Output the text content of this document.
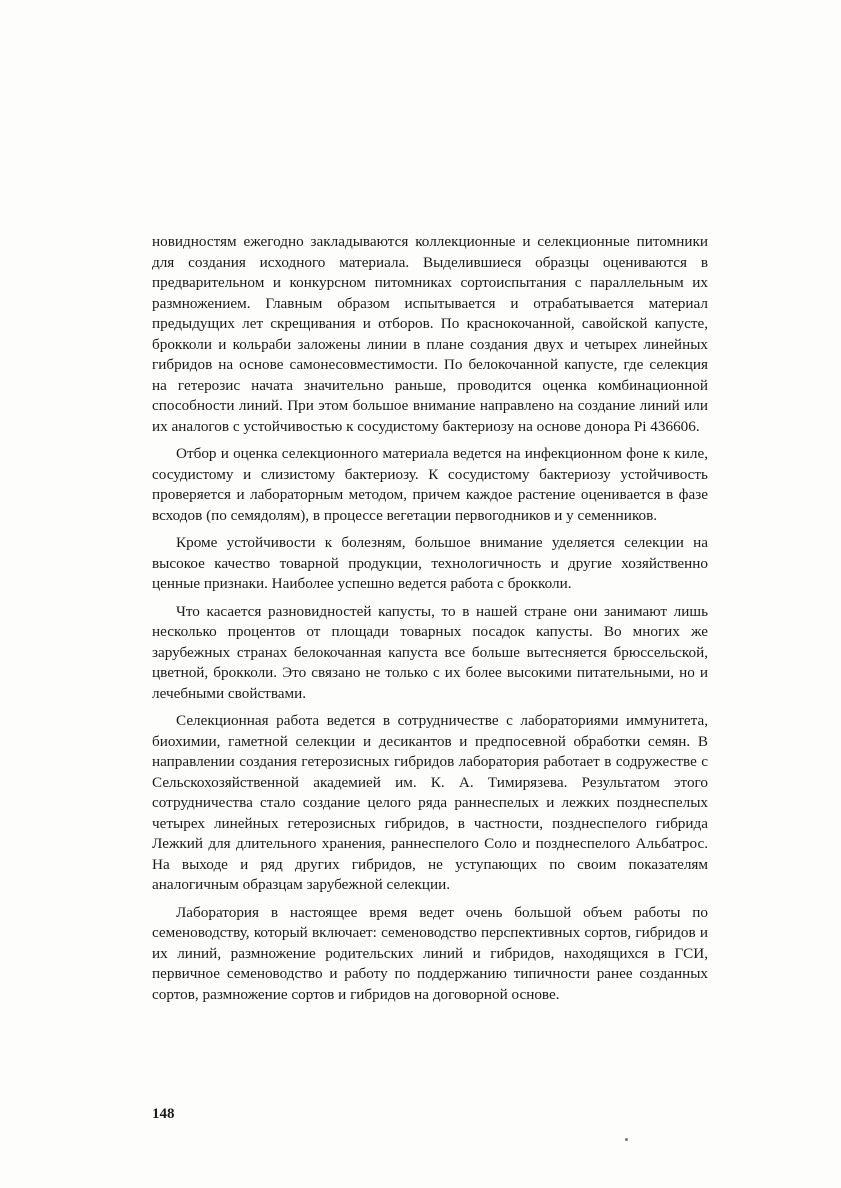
новидностям ежегодно закладываются коллекционные и селекционные питомники для создания исходного материала. Выделившиеся образцы оцениваются в предварительном и конкурсном питомниках сортоиспытания с параллельным их размножением. Главным образом испытывается и отрабатывается материал предыдущих лет скрещивания и отборов. По краснокочанной, савойской капусте, брокколи и кольраби заложены линии в плане создания двух и четырех линейных гибридов на основе самонесовместимости. По белокочанной капусте, где селекция на гетерозис начата значительно раньше, проводится оценка комбинационной способности линий. При этом большое внимание направлено на создание линий или их аналогов с устойчивостью к сосудистому бактериозу на основе донора Pi 436606.

Отбор и оценка селекционного материала ведется на инфекционном фоне к киле, сосудистому и слизистому бактериозу. К сосудистому бактериозу устойчивость проверяется и лабораторным методом, причем каждое растение оценивается в фазе всходов (по семядолям), в процессе вегетации первогодников и у семенников.

Кроме устойчивости к болезням, большое внимание уделяется селекции на высокое качество товарной продукции, технологичность и другие хозяйственно ценные признаки. Наиболее успешно ведется работа с брокколи.

Что касается разновидностей капусты, то в нашей стране они занимают лишь несколько процентов от площади товарных посадок капусты. Во многих же зарубежных странах белокочанная капуста все больше вытесняется брюссельской, цветной, брокколи. Это связано не только с их более высокими питательными, но и лечебными свойствами.

Селекционная работа ведется в сотрудничестве с лабораториями иммунитета, биохимии, гаметной селекции и десикантов и предпосевной обработки семян. В направлении создания гетерозисных гибридов лаборатория работает в содружестве с Сельскохозяйственной академией им. К. А. Тимирязева. Результатом этого сотрудничества стало создание целого ряда раннеспелых и лежких позднеспелых четырех линейных гетерозисных гибридов, в частности, позднеспелого гибрида Лежкий для длительного хранения, раннеспелого Соло и позднеспелого Альбатрос. На выходе и ряд других гибридов, не уступающих по своим показателям аналогичным образцам зарубежной селекции.

Лаборатория в настоящее время ведет очень большой объем работы по семеноводству, который включает: семеноводство перспективных сортов, гибридов и их линий, размножение родительских линий и гибридов, находящихся в ГСИ, первичное семеноводство и работу по поддержанию типичности ранее созданных сортов, размножение сортов и гибридов на договорной основе.

148
